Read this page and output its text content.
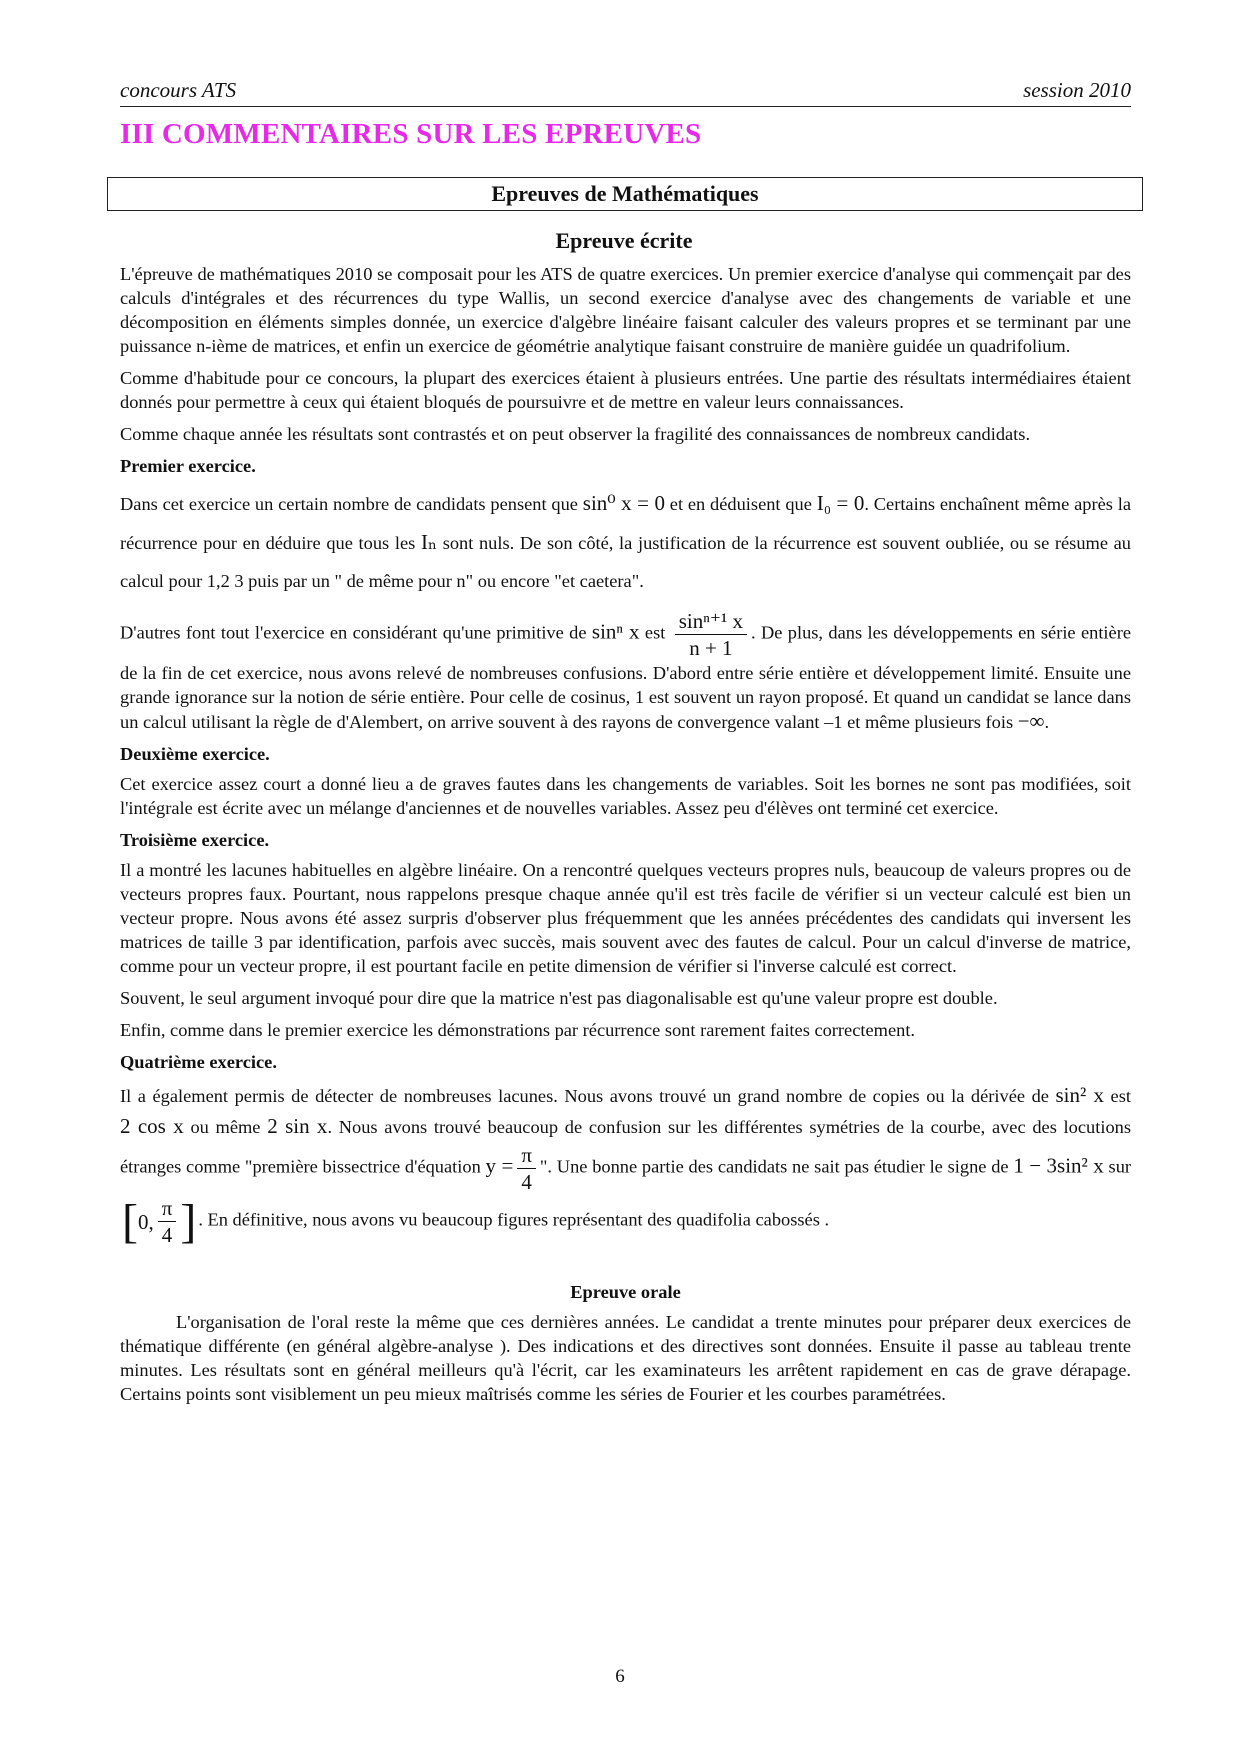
concours ATS	session 2010
III COMMENTAIRES SUR LES EPREUVES
Epreuves de Mathématiques
Epreuve écrite

L'épreuve de mathématiques 2010 se composait pour les ATS de quatre exercices. Un premier exercice d'analyse qui commençait par des calculs d'intégrales et des récurrences du type Wallis, un second exercice d'analyse avec des changements de variable et une décomposition en éléments simples donnée, un exercice d'algèbre linéaire faisant calculer des valeurs propres et se terminant par une puissance n-ième de matrices, et enfin un exercice de géométrie analytique faisant construire de manière guidée un quadrifolium.

Comme d'habitude pour ce concours, la plupart des exercices étaient à plusieurs entrées. Une partie des résultats intermédiaires étaient donnés pour permettre à ceux qui étaient bloqués de poursuivre et de mettre en valeur leurs connaissances.

Comme chaque année les résultats sont contrastés et on peut observer la fragilité des connaissances de nombreux candidats.

Premier exercice.

Dans cet exercice un certain nombre de candidats pensent que sin⁰ x = 0 et en déduisent que I₀ = 0. Certains enchaînent même après la récurrence pour en déduire que tous les Iₙ sont nuls. De son côté, la justification de la récurrence est souvent oubliée, ou se résume au calcul pour 1,2 3 puis par un " de même pour n" ou encore "et caetera".

D'autres font tout l'exercice en considérant qu'une primitive de sinⁿ x est $\frac{\text{sinⁿ⁺¹ x}}{n + 1}$ . De plus, dans les développements en série entière de la fin de cet exercice, nous avons relevé de nombreuses confusions. D'abord entre série entière et développement limité. Ensuite une grande ignorance sur la notion de série entière. Pour celle de cosinus, 1 est souvent un rayon proposé. Et quand un candidat se lance dans un calcul utilisant la règle de d'Alembert, on arrive souvent à des rayons de convergence valant –1 et même plusieurs fois −∞.

Deuxième exercice.

Cet exercice assez court a donné lieu a de graves fautes dans les changements de variables. Soit les bornes ne sont pas modifiées, soit l'intégrale est écrite avec un mélange d'anciennes et de nouvelles variables. Assez peu d'élèves ont terminé cet exercice.

Troisième exercice.

Il a montré les lacunes habituelles en algèbre linéaire. On a rencontré quelques vecteurs propres nuls, beaucoup de valeurs propres ou de vecteurs propres faux. Pourtant, nous rappelons presque chaque année qu'il est très facile de vérifier si un vecteur calculé est bien un vecteur propre. Nous avons été assez surpris d'observer plus fréquemment que les années précédentes des candidats qui inversent les matrices de taille 3 par identification, parfois avec succès, mais souvent avec des fautes de calcul. Pour un calcul d'inverse de matrice, comme pour un vecteur propre, il est pourtant facile en petite dimension de vérifier si l'inverse calculé est correct.

Souvent, le seul argument invoqué pour dire que la matrice n'est pas diagonalisable est qu'une valeur propre est double.

Enfin, comme dans le premier exercice les démonstrations par récurrence sont rarement faites correctement.

Quatrième exercice.

Il a également permis de détecter de nombreuses lacunes. Nous avons trouvé un grand nombre de copies ou la dérivée de sin² x est 2 cos x ou même 2 sin x. Nous avons trouvé beaucoup de confusion sur les différentes symétries de la courbe, avec des locutions étranges comme "première bissectrice d'équation $y = \frac{\pi}{4}$ ". Une bonne partie des candidats ne sait pas étudier le signe de 1 − 3sin² x sur
[ 0, $\frac{\pi}{4}$ ] . En définitive, nous avons vu beaucoup figures représentant des quadifolia cabossés .

Epreuve orale

L'organisation de l'oral reste la même que ces dernières années. Le candidat a trente minutes pour préparer deux exercices de thématique différente (en général algèbre-analyse ). Des indications et des directives sont données. Ensuite il passe au tableau trente minutes. Les résultats sont en général meilleurs qu'à l'écrit, car les examinateurs les arrêtent rapidement en cas de grave dérapage. Certains points sont visiblement un peu mieux maîtrisés comme les séries de Fourier et les courbes paramétrées.

6
